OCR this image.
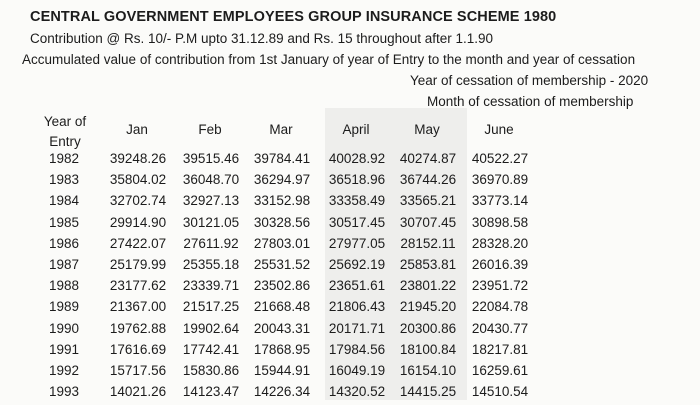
CENTRAL GOVERNMENT EMPLOYEES GROUP INSURANCE SCHEME 1980
Contribution @ Rs. 10/- P.M upto 31.12.89 and Rs. 15 throughout after 1.1.90
Accumulated value of contribution from 1st January of year of Entry to the month and year of cessation
Year of cessation of membership - 2020
Month of cessation of membership
Year of
Entry
Jan	Feb	Mar	April	May	June
1982	39248.26 39515.46 39784.41 40028.92 40274.87 40522.27
1983	35804.02 36048.70 36294.97 36518.96 36744.26 36970.89
1984	32702.74 32927.13 33152.98 33358.49 33565.21 33773.14
1985	29914.90 30121.05 30328.56 30517.45 30707.45 30898.58
1986	27422.07	27611.92	27803.01 27977.05	28152.11	28328.20
1987	25179.99 25355.18 25531.52 25692.19 25853.81 26016.39
1988	23177.62 23339.71 23502.86 23651.61 23801.22 23951.72
1989	21367.00 21517.25 21668.48 21806.43 21945.20 22084.78
1990	19762.88 19902.64 20043.31 20171.71 20300.86 20430.77
1991	17616.69 17742.41 17868.95 17984.56 18100.84 18217.81
1992	15717.56 15830.86 15944.91 16049.19 16154.10 16259.61
1993	14021.26 14123.47 14226.34 14320.52 14415.25 14510.54
